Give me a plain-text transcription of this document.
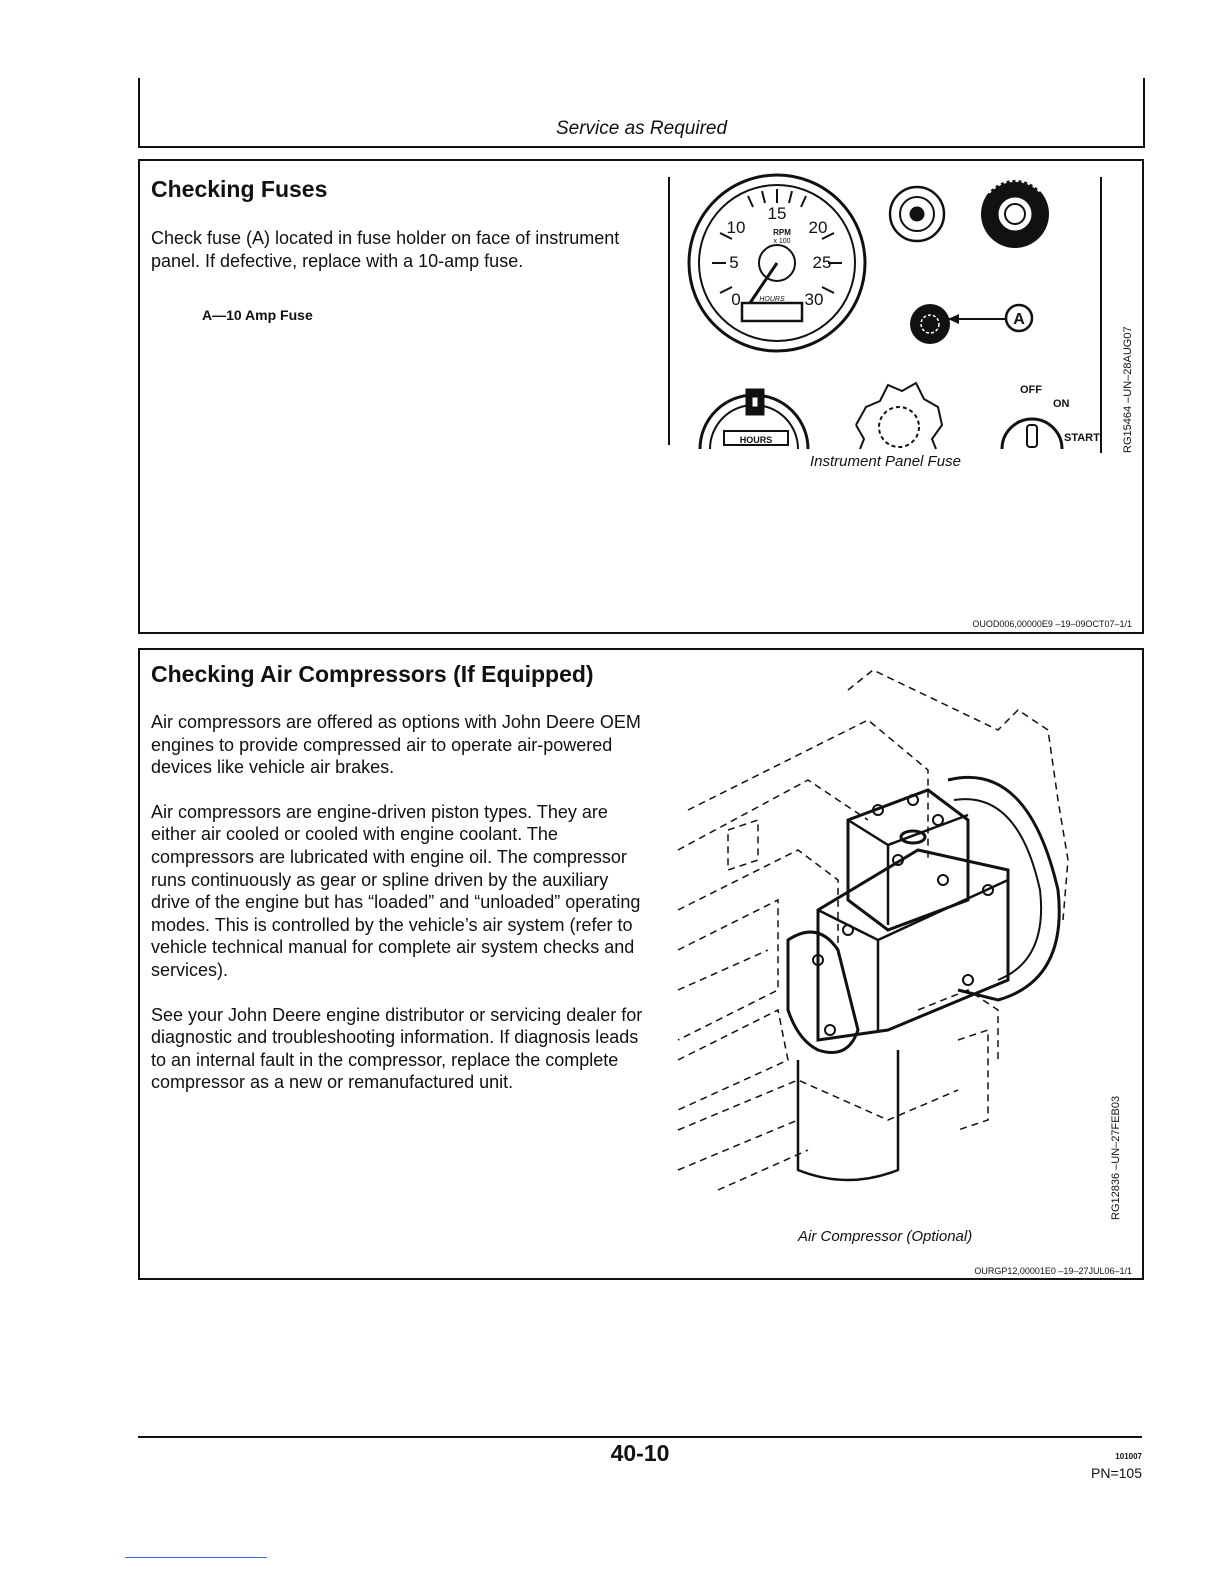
Service as Required
Checking Fuses

Check fuse (A) located in fuse holder on face of instrument panel. If defective, replace with a 10-amp fuse.

A—10 Amp Fuse
15
10	20
5	25
0	30
RPM
x 100
HOURS
A
HOURS
OFF
ON
START
Instrument Panel Fuse
RG15464 –UN–28AUG07
OUOD006,00000E9 –19–09OCT07–1/1
Checking Air Compressors (If Equipped)

Air compressors are offered as options with John Deere OEM engines to provide compressed air to operate air-powered devices like vehicle air brakes.

Air compressors are engine-driven piston types. They are either air cooled or cooled with engine coolant. The compressors are lubricated with engine oil. The compressor runs continuously as gear or spline driven by the auxiliary drive of the engine but has “loaded” and “unloaded” operating modes. This is controlled by the vehicle’s air system (refer to vehicle technical manual for complete air system checks and services).

See your John Deere engine distributor or servicing dealer for diagnostic and troubleshooting information. If diagnosis leads to an internal fault in the compressor, replace the complete compressor as a new or remanufactured unit.

Air Compressor (Optional)
RG12836 –UN–27FEB03
OURGP12,00001E0 –19–27JUL06–1/1
40-10	101007
PN=105
